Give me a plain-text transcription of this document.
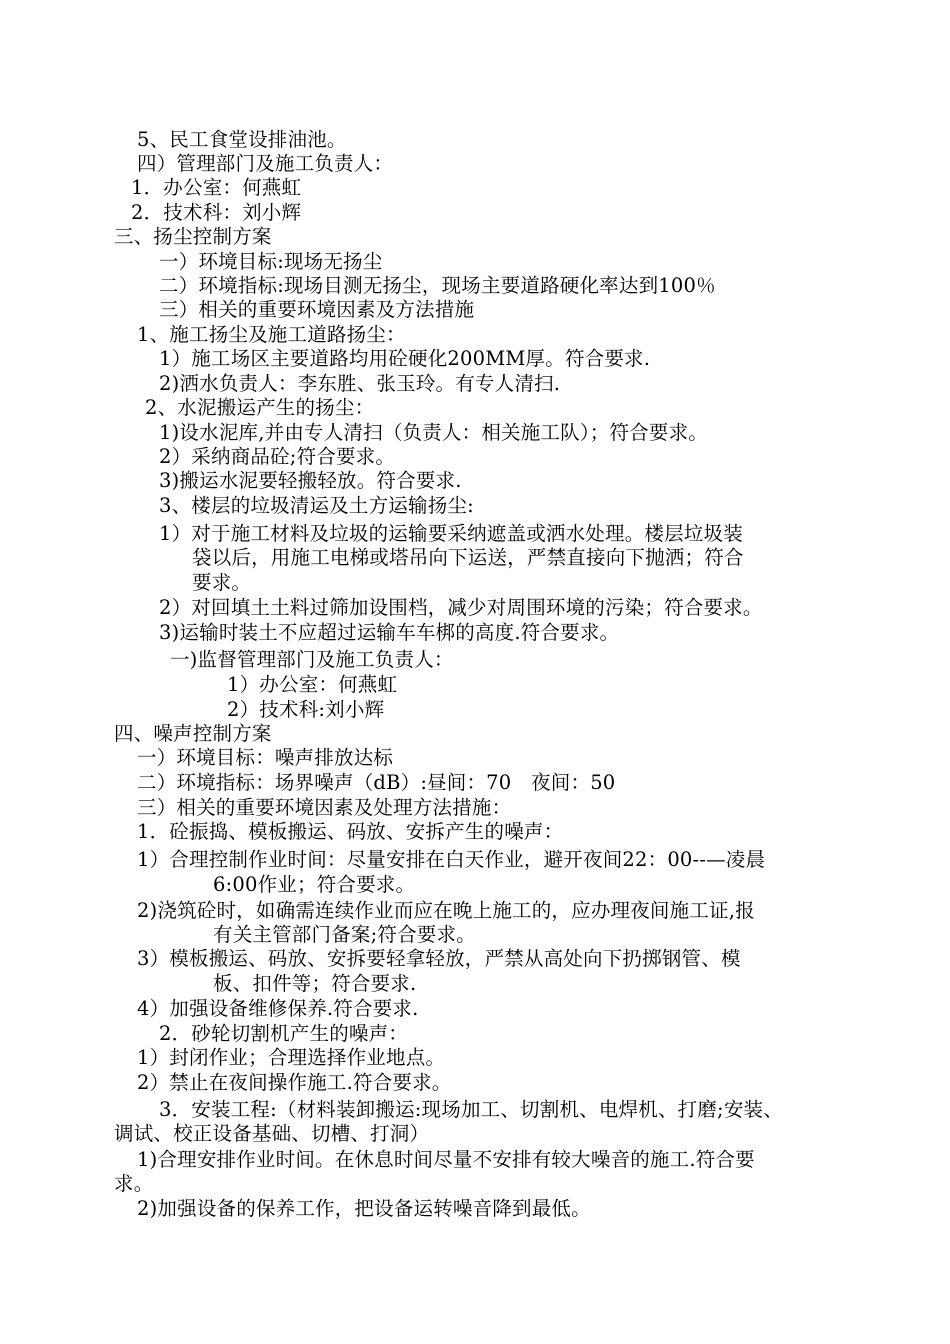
5、民工食堂设排油池。
四）管理部门及施工负责人：
1．办公室：何燕虹
2．技术科：刘小辉
三、扬尘控制方案
一）环境目标:现场无扬尘
二）环境指标:现场目测无扬尘，现场主要道路硬化率达到100％
三）相关的重要环境因素及方法措施
1、施工扬尘及施工道路扬尘：
1）施工场区主要道路均用砼硬化200MM厚。符合要求.
2)洒水负责人：李东胜、张玉玲。有专人清扫.
2、水泥搬运产生的扬尘：
1)设水泥库,并由专人清扫（负责人：相关施工队）；符合要求。
2）采纳商品砼;符合要求。
3)搬运水泥要轻搬轻放。符合要求.
3、楼层的垃圾清运及土方运输扬尘:
1）对于施工材料及垃圾的运输要采纳遮盖或洒水处理。楼层垃圾装
袋以后，用施工电梯或塔吊向下运送，严禁直接向下抛洒；符合
要求。
2）对回填土土料过筛加设围档，减少对周围环境的污染；符合要求。
3)运输时装土不应超过运输车车梆的高度.符合要求。
一)监督管理部门及施工负责人：
1）办公室：何燕虹
2）技术科:刘小辉
四、噪声控制方案
一）环境目标：噪声排放达标
二）环境指标：场界噪声（dB）:昼间：70　夜间：50
三）相关的重要环境因素及处理方法措施：
1．砼振捣、模板搬运、码放、安拆产生的噪声：
1）合理控制作业时间：尽量安排在白天作业，避开夜间22：00--—凌晨
6:00作业；符合要求。
2)浇筑砼时，如确需连续作业而应在晚上施工的，应办理夜间施工证,报
有关主管部门备案;符合要求。
3）模板搬运、码放、安拆要轻拿轻放，严禁从高处向下扔掷钢管、模
板、扣件等；符合要求.
4）加强设备维修保养.符合要求.
2．砂轮切割机产生的噪声：
1）封闭作业；合理选择作业地点。
2）禁止在夜间操作施工.符合要求。
3．安装工程:（材料装卸搬运:现场加工、切割机、电焊机、打磨;安装、
调试、校正设备基础、切槽、打洞）
1)合理安排作业时间。在休息时间尽量不安排有较大噪音的施工.符合要
求。
2)加强设备的保养工作，把设备运转噪音降到最低。
